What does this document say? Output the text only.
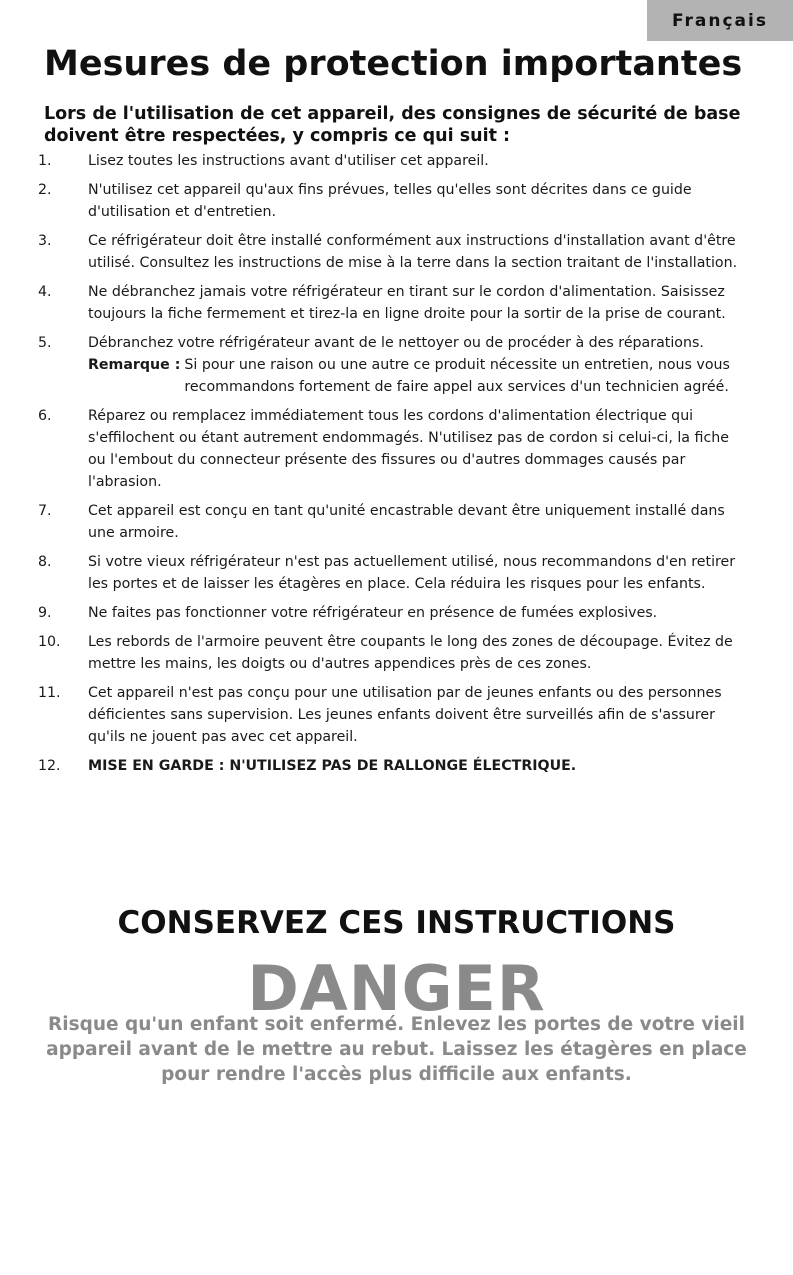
Français
Mesures de protection importantes

Lors de l'utilisation de cet appareil, des consignes de sécurité de base doivent être respectées, y compris ce qui suit :

1.	Lisez toutes les instructions avant d'utiliser cet appareil.
2.	N'utilisez cet appareil qu'aux fins prévues, telles qu'elles sont décrites dans ce guide d'utilisation et d'entretien.
3.	Ce réfrigérateur doit être installé conformément aux instructions d'installation avant d'être utilisé. Consultez les instructions de mise à la terre dans la section traitant de l'installation.
4.	Ne débranchez jamais votre réfrigérateur en tirant sur le cordon d'alimentation. Saisissez toujours la fiche fermement et tirez-la en ligne droite pour la sortir de la prise de courant.
5.	Débranchez votre réfrigérateur avant de le nettoyer ou de procéder à des réparations.
Remarque : Si pour une raison ou une autre ce produit nécessite un entretien, nous vous recommandons fortement de faire appel aux services d'un technicien agréé.
6.	Réparez ou remplacez immédiatement tous les cordons d'alimentation électrique qui s'effilochent ou étant autrement endommagés. N'utilisez pas de cordon si celui-ci, la fiche ou l'embout du connecteur présente des fissures ou d'autres dommages causés par l'abrasion.
7.	Cet appareil est conçu en tant qu'unité encastrable devant être uniquement installé dans une armoire.
8.	Si votre vieux réfrigérateur n'est pas actuellement utilisé, nous recommandons d'en retirer les portes et de laisser les étagères en place. Cela réduira les risques pour les enfants.
9.	Ne faites pas fonctionner votre réfrigérateur en présence de fumées explosives.
10. Les rebords de l'armoire peuvent être coupants le long des zones de découpage. Évitez de mettre les mains, les doigts ou d'autres appendices près de ces zones.
11. Cet appareil n'est pas conçu pour une utilisation par de jeunes enfants ou des personnes déficientes sans supervision. Les jeunes enfants doivent être surveillés afin de s'assurer qu'ils ne jouent pas avec cet appareil.
12. MISE EN GARDE : N'UTILISEZ PAS DE RALLONGE ÉLECTRIQUE.
CONSERVEZ CES INSTRUCTIONS
DANGER

Risque qu'un enfant soit enfermé. Enlevez les portes de votre vieil appareil avant de le mettre au rebut. Laissez les étagères en place pour rendre l'accès plus difficile aux enfants.
